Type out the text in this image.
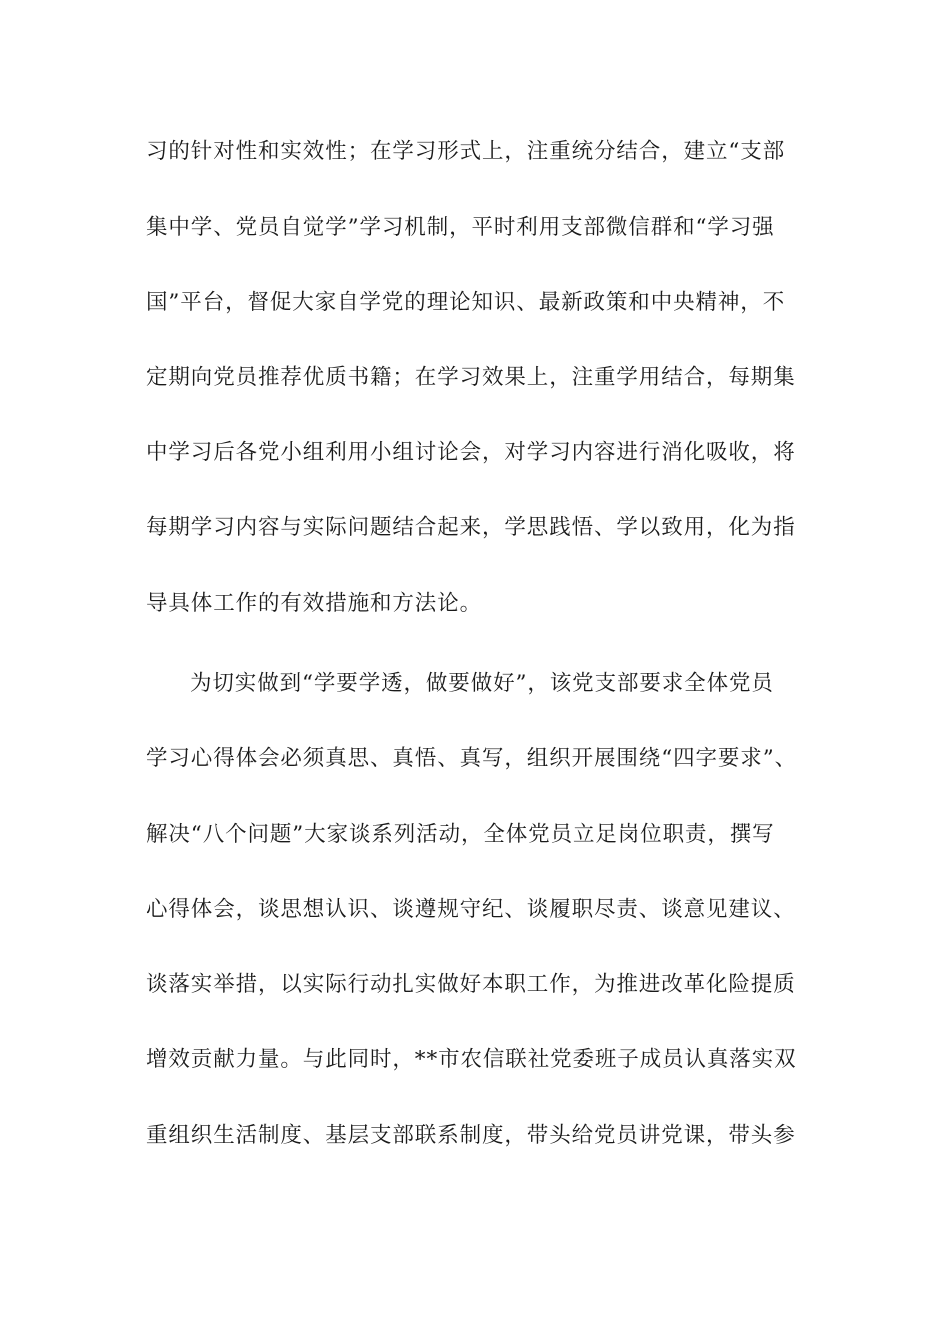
习的针对性和实效性；在学习形式上，注重统分结合，建立“支部
集中学、党员自觉学”学习机制，平时利用支部微信群和“学习强
国”平台，督促大家自学党的理论知识、最新政策和中央精神，不
定期向党员推荐优质书籍；在学习效果上，注重学用结合，每期集
中学习后各党小组利用小组讨论会，对学习内容进行消化吸收，将
每期学习内容与实际问题结合起来，学思践悟、学以致用，化为指
导具体工作的有效措施和方法论。
为切实做到“学要学透，做要做好”，该党支部要求全体党员
学习心得体会必须真思、真悟、真写，组织开展围绕“四字要求”、
解决“八个问题”大家谈系列活动，全体党员立足岗位职责，撰写
心得体会，谈思想认识、谈遵规守纪、谈履职尽责、谈意见建议、
谈落实举措，以实际行动扎实做好本职工作，为推进改革化险提质
增效贡献力量。与此同时，**市农信联社党委班子成员认真落实双
重组织生活制度、基层支部联系制度，带头给党员讲党课，带头参
